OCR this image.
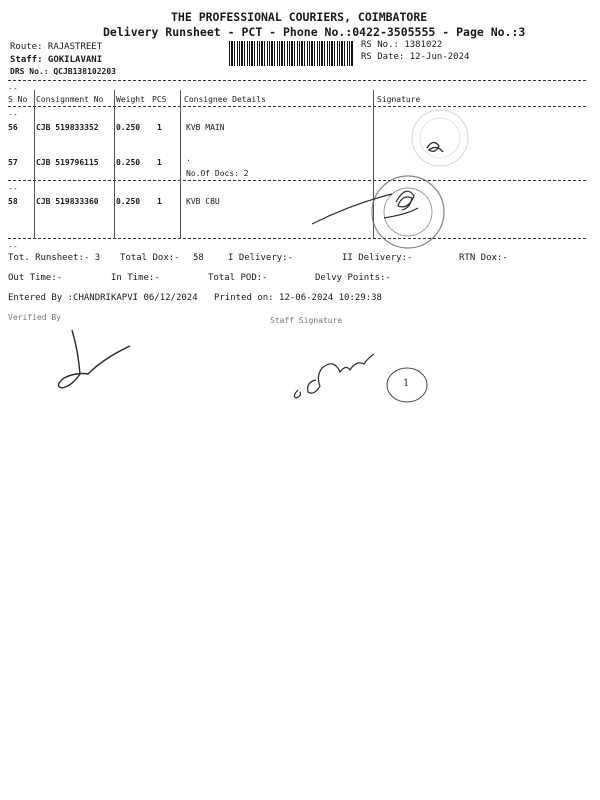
THE PROFESSIONAL COURIERS, COIMBATORE
Delivery Runsheet - PCT - Phone No.:0422-3505555 - Page No.:3
Route: RAJASTREET
Staff: GOKILAVANI
DRS No.: QCJB138102203
RS No.: 1381022
RS Date: 12-Jun-2024
--
--
--
--
S No Consignment No Weight PCS Consignee Details	Signature
56 CJB 519833352 0.250 1	KVB MAIN
57 CJB 519796115 0.250 1	.
No.Of Docs: 2
58 CJB 519833360 0.250 1	KVB CBU
Tot. Runsheet:- 3 Total Dox:- 58	I Delivery:-	II Delivery:-	RTN Dox:-
Out Time:-	In Time:-	Total POD:-	Delvy Points:-
Entered By :CHANDRIKAPVI 06/12/2024 Printed on: 12-06-2024 10:29:38
Verified By	Staff Signature
1
